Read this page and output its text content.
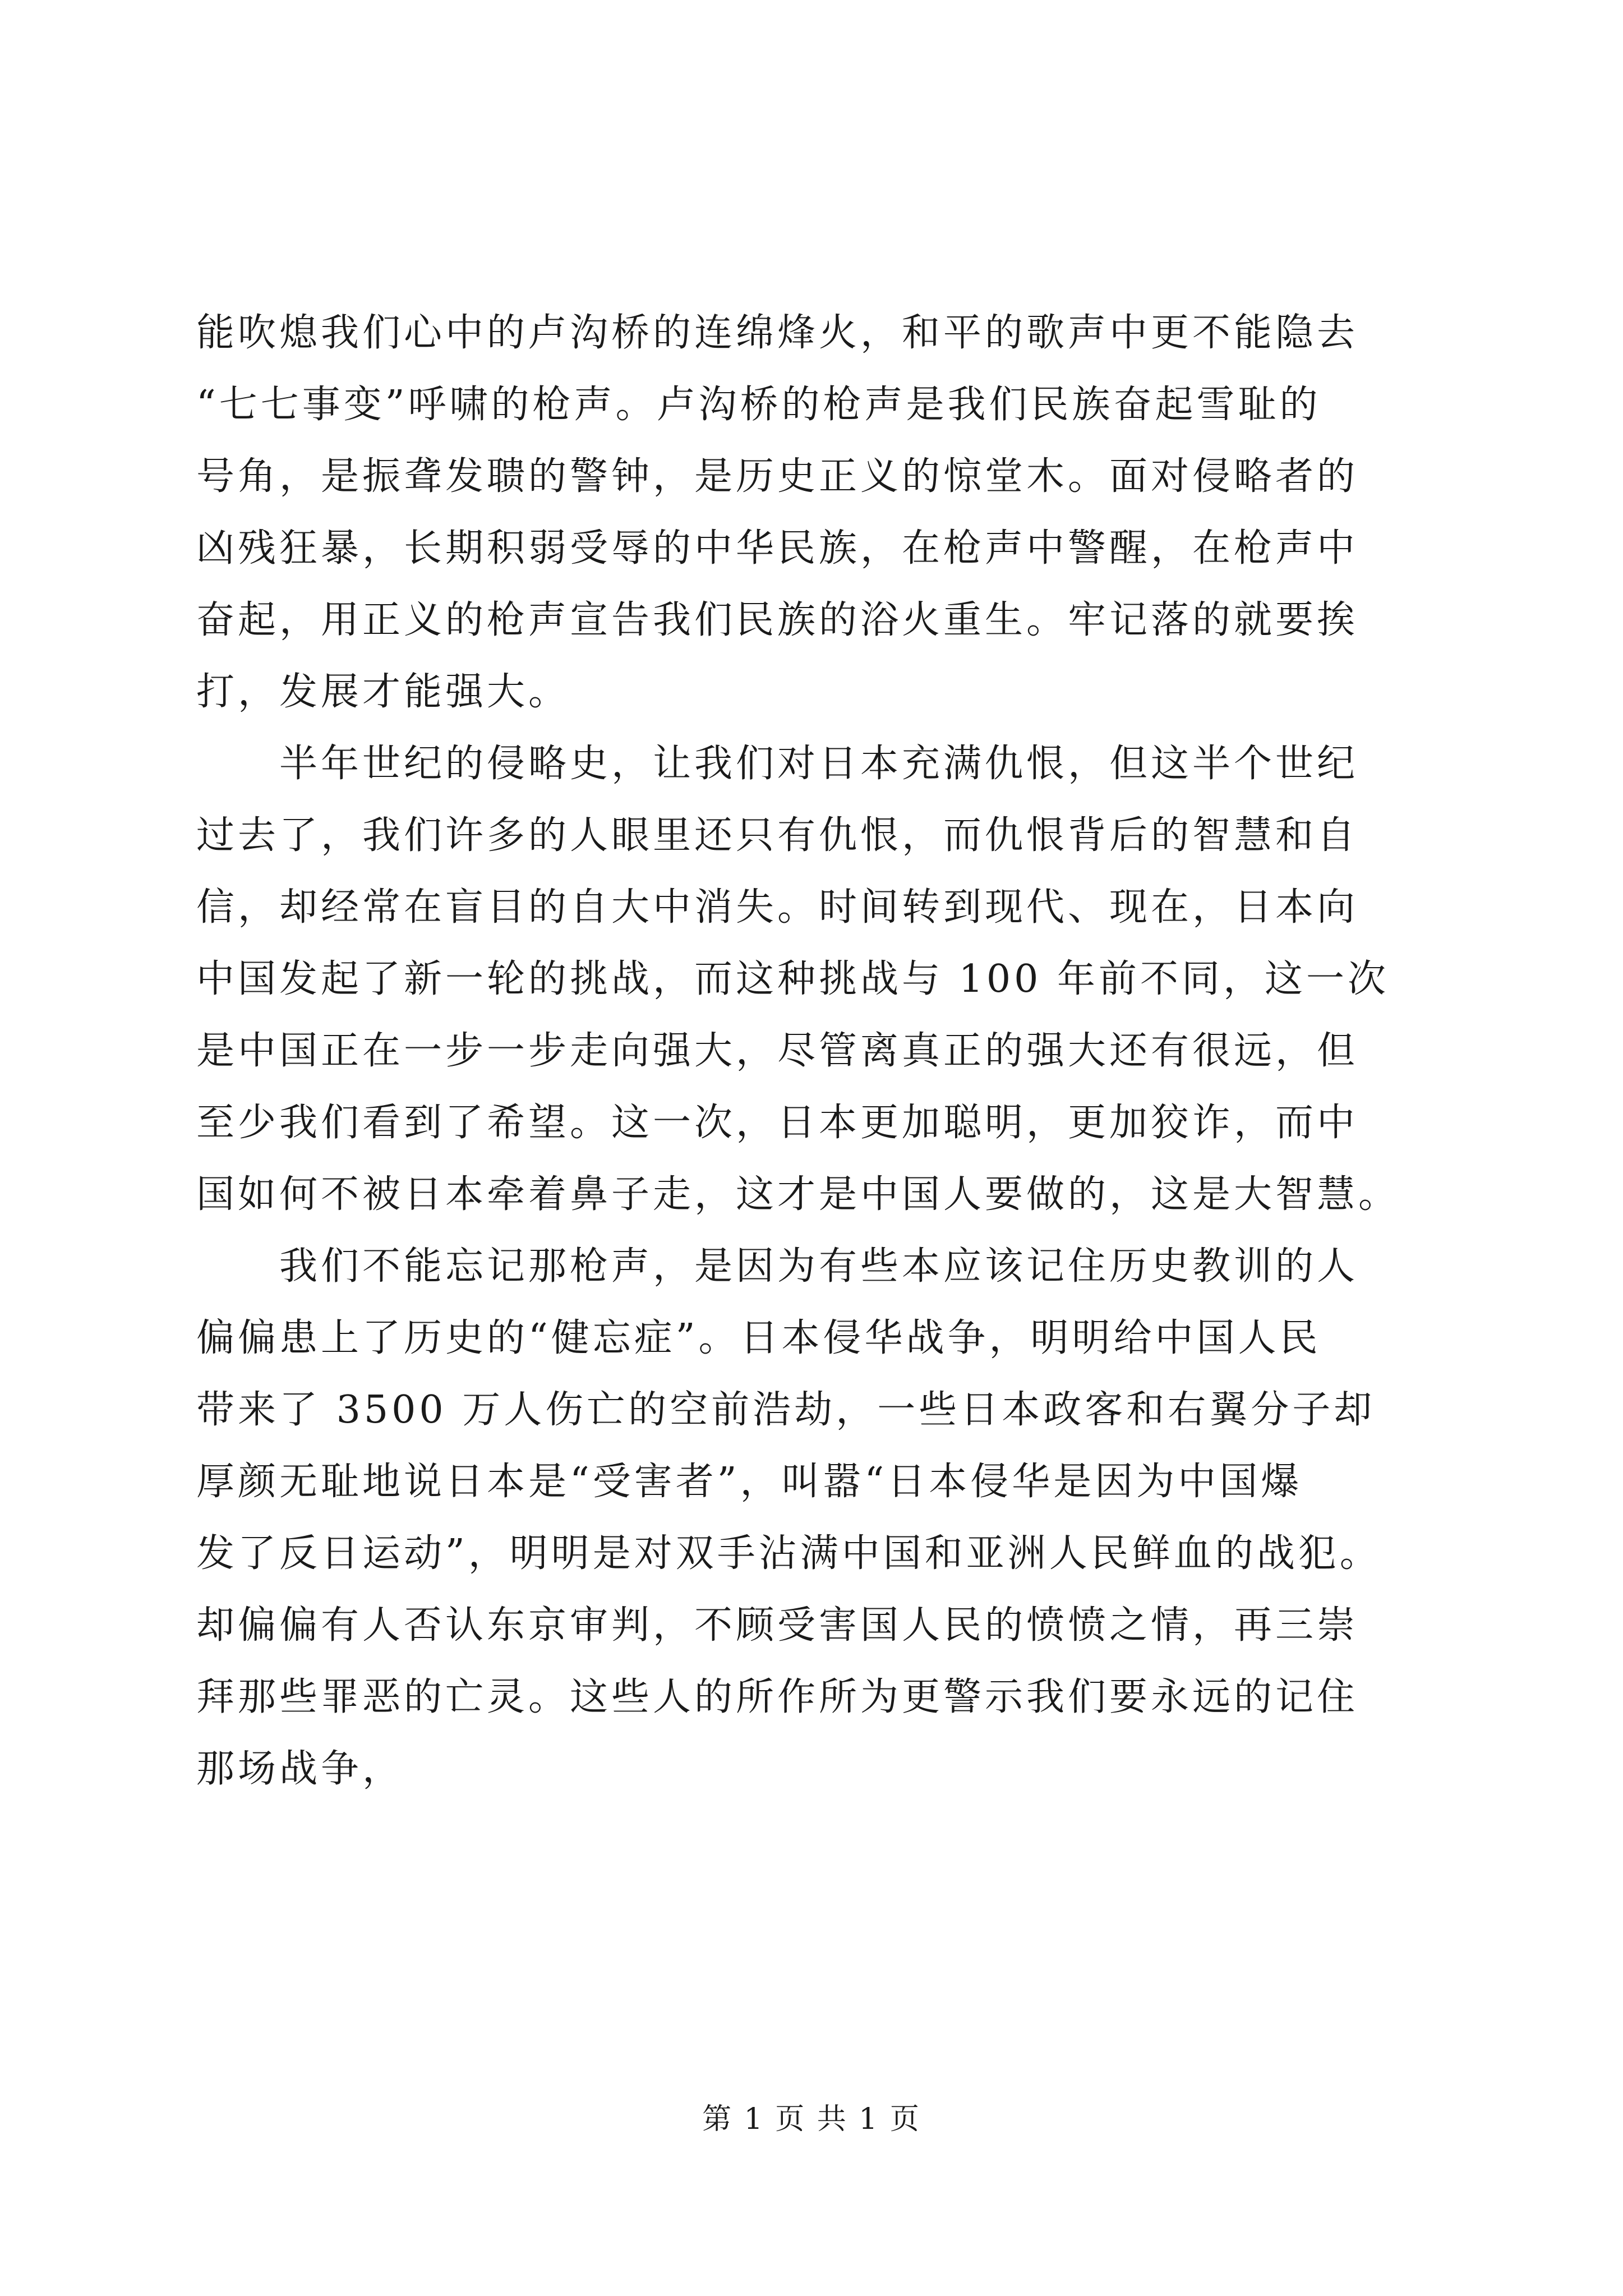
能吹熄我们心中的卢沟桥的连绵烽火，和平的歌声中更不能隐去
“七七事变”呼啸的枪声。卢沟桥的枪声是我们民族奋起雪耻的
号角，是振聋发聩的警钟，是历史正义的惊堂木。面对侵略者的
凶残狂暴，长期积弱受辱的中华民族，在枪声中警醒，在枪声中
奋起，用正义的枪声宣告我们民族的浴火重生。牢记落的就要挨
打，发展才能强大。
　　半年世纪的侵略史，让我们对日本充满仇恨，但这半个世纪
过去了，我们许多的人眼里还只有仇恨，而仇恨背后的智慧和自
信，却经常在盲目的自大中消失。时间转到现代、现在，日本向
中国发起了新一轮的挑战，而这种挑战与 100 年前不同，这一次
是中国正在一步一步走向强大，尽管离真正的强大还有很远，但
至少我们看到了希望。这一次，日本更加聪明，更加狡诈，而中
国如何不被日本牵着鼻子走，这才是中国人要做的，这是大智慧。
　　我们不能忘记那枪声，是因为有些本应该记住历史教训的人
偏偏患上了历史的“健忘症”。日本侵华战争，明明给中国人民
带来了 3500 万人伤亡的空前浩劫，一些日本政客和右翼分子却
厚颜无耻地说日本是“受害者”，叫嚣“日本侵华是因为中国爆
发了反日运动”，明明是对双手沾满中国和亚洲人民鲜血的战犯。
却偏偏有人否认东京审判，不顾受害国人民的愤愤之情，再三崇
拜那些罪恶的亡灵。这些人的所作所为更警示我们要永远的记住
那场战争，
第 1 页 共 1 页
